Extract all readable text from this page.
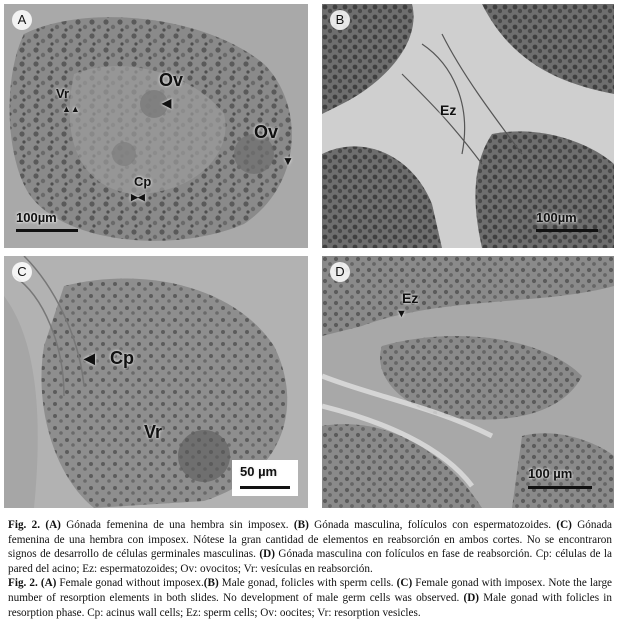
A
Ov
◀
Ov
▼
Vr
▲▲
Cp
▶◀
100µm
B
Ez
100µm
C
◀ Cp
Vr
50 µm
D
Ez
▼
100 µm

Fig. 2. (A) Gónada femenina de una hembra sin imposex. (B) Gónada masculina, folículos con espermatozoides. (C) Gónada femenina de una hembra con imposex. Nótese la gran cantidad de elementos en reabsorción en ambos cortes. No se encontraron signos de desarrollo de células germinales masculinas. (D) Gónada masculina con folículos en fase de reabsorción. Cp: células de la pared del acino; Ez: espermatozoides; Ov: ovocitos; Vr: vesículas en reabsorción.

Fig. 2. (A) Female gonad without imposex.(B) Male gonad, folicles with sperm cells. (C) Female gonad with imposex. Note the large number of resorption elements in both slides. No development of male germ cells was observed. (D) Male gonad with folicles in resorption phase. Cp: acinus wall cells; Ez: sperm cells; Ov: oocites; Vr: resorption vesicles.
